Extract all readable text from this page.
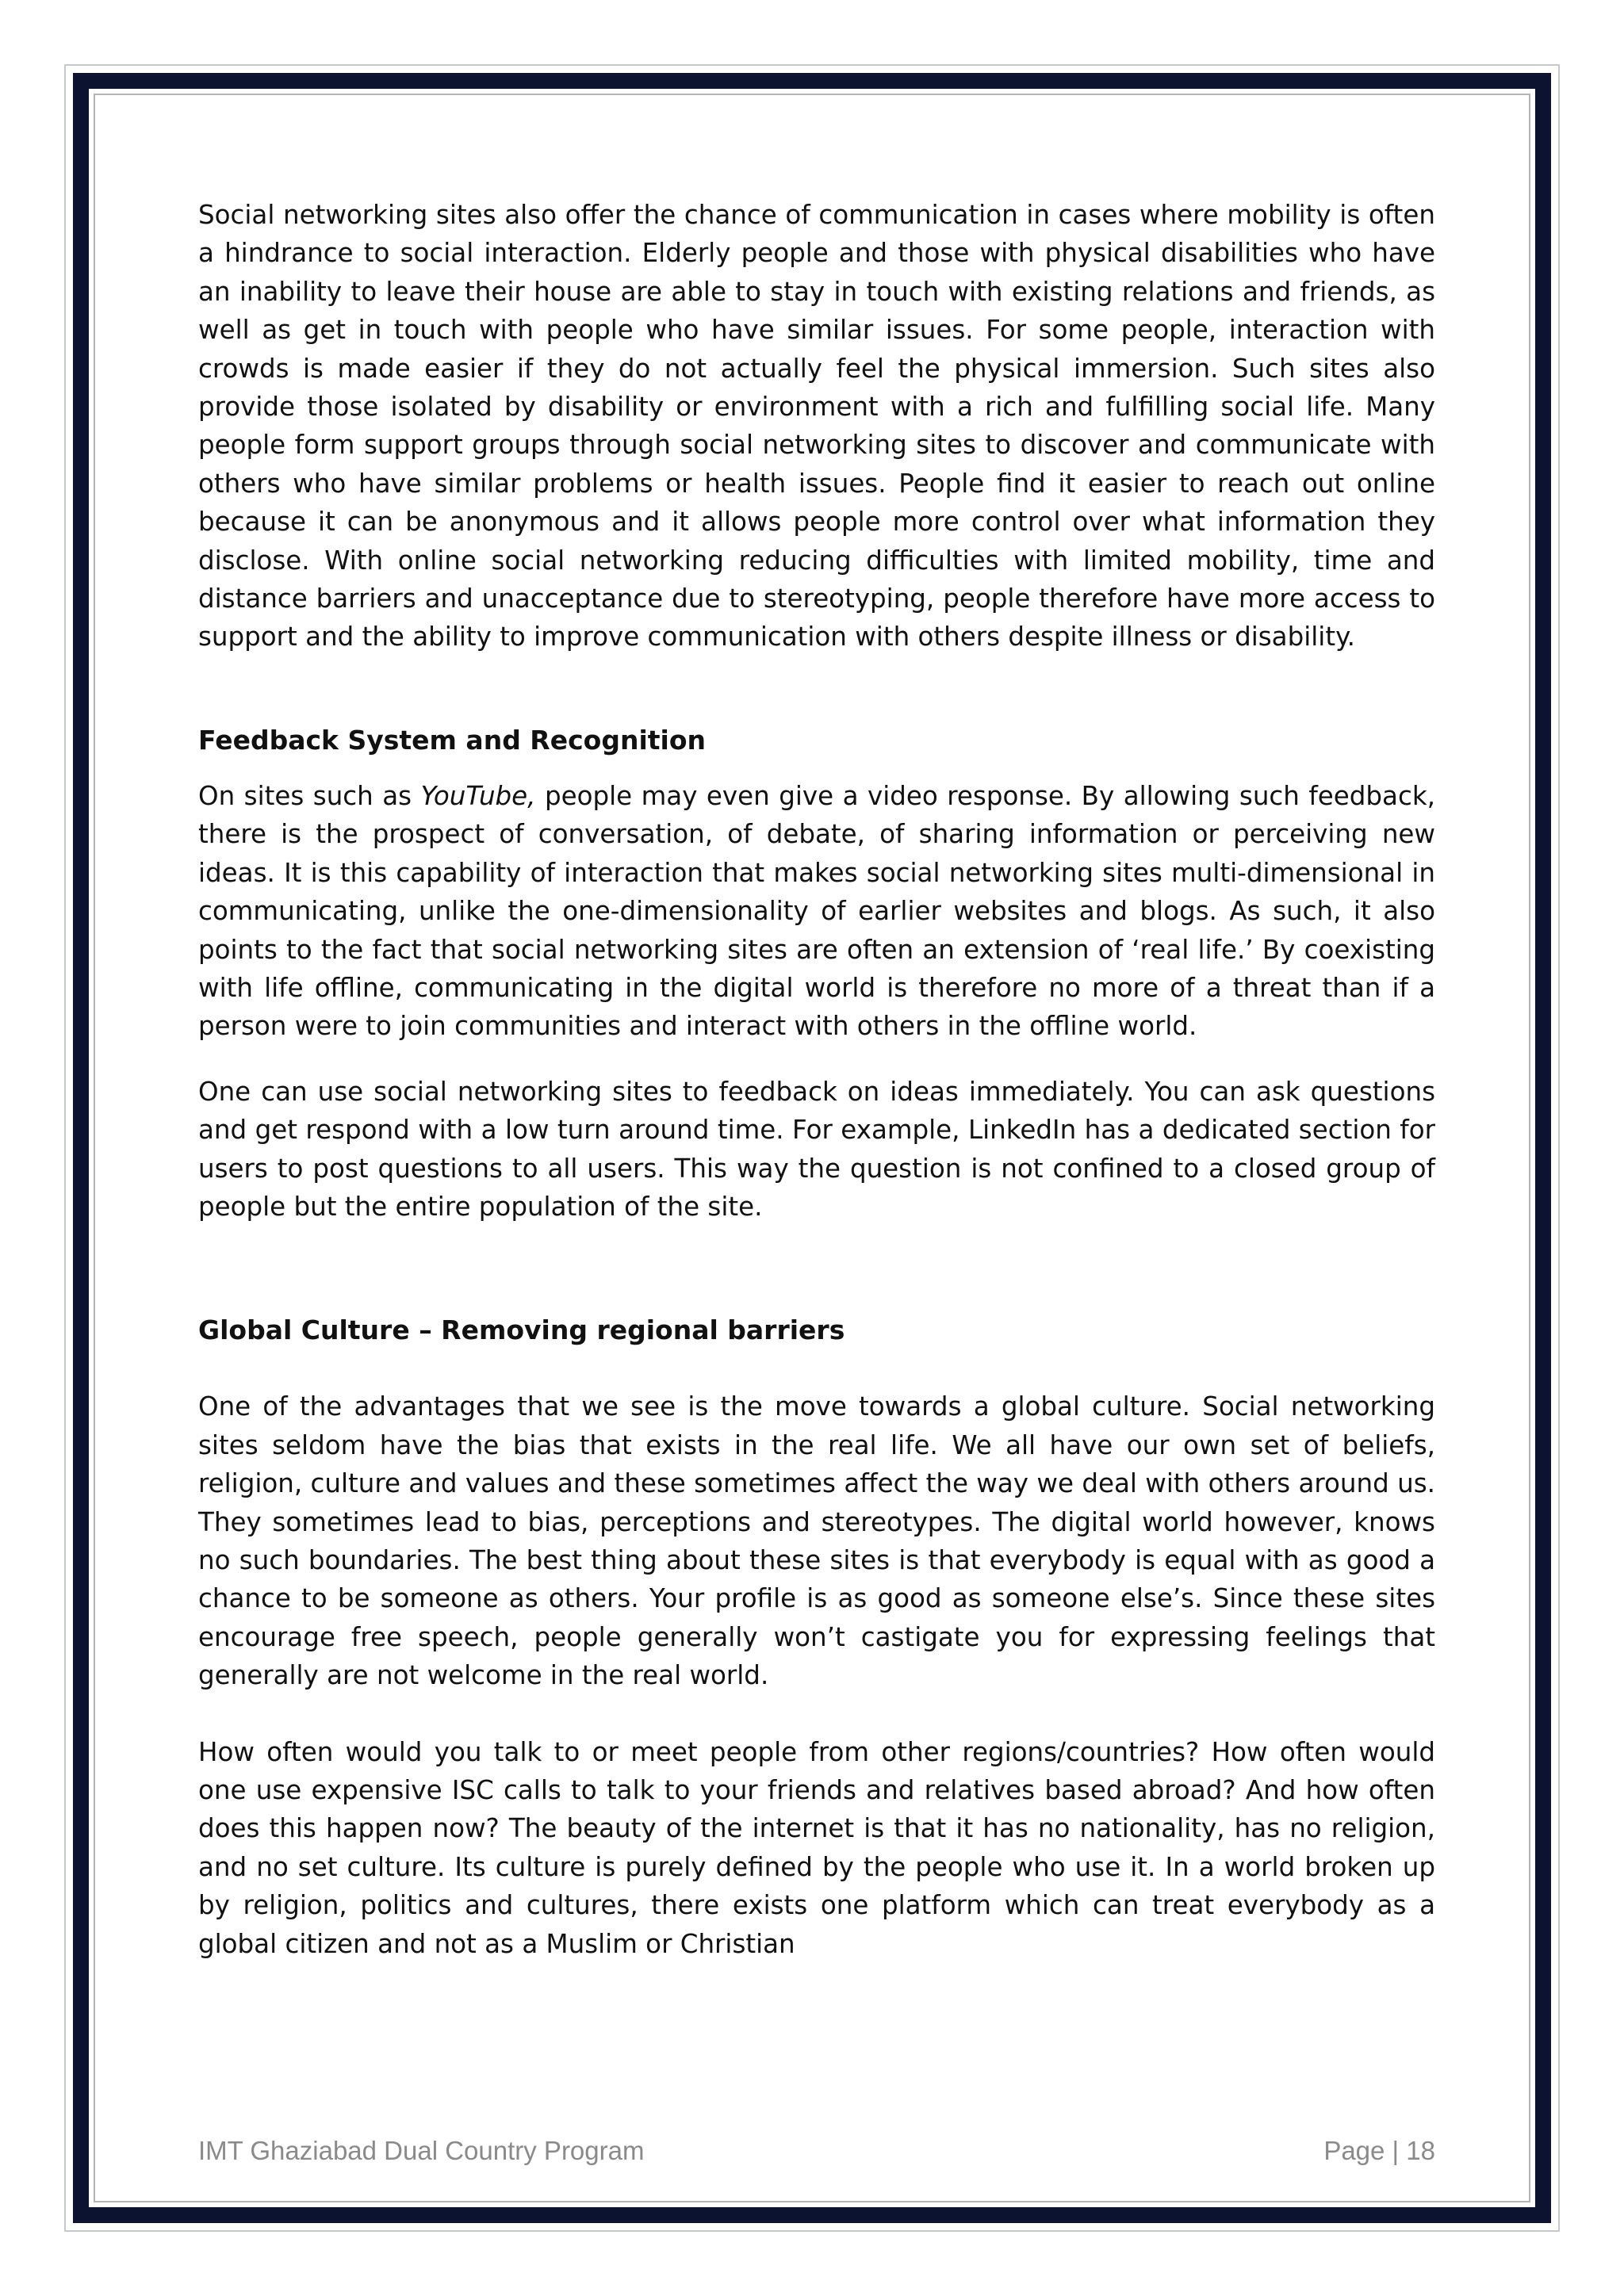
Social networking sites also offer the chance of communication in cases where mobility is often a hindrance to social interaction. Elderly people and those with physical disabilities who have an inability to leave their house are able to stay in touch with existing relations and friends, as well as get in touch with people who have similar issues. For some people, interaction with crowds is made easier if they do not actually feel the physical immersion. Such sites also provide those isolated by disability or environment with a rich and fulfilling social life. Many people form support groups through social networking sites to discover and communicate with others who have similar problems or health issues. People find it easier to reach out online because it can be anonymous and it allows people more control over what information they disclose. With online social networking reducing difficulties with limited mobility, time and distance barriers and unacceptance due to stereotyping, people therefore have more access to support and the ability to improve communication with others despite illness or disability.

Feedback System and Recognition

On sites such as YouTube, people may even give a video response. By allowing such feedback, there is the prospect of conversation, of debate, of sharing information or perceiving new ideas. It is this capability of interaction that makes social networking sites multi-dimensional in communicating, unlike the one-dimensionality of earlier websites and blogs. As such, it also points to the fact that social networking sites are often an extension of ‘real life.’ By coexisting with life offline, communicating in the digital world is therefore no more of a threat than if a person were to join communities and interact with others in the offline world.

One can use social networking sites to feedback on ideas immediately. You can ask questions and get respond with a low turn around time. For example, LinkedIn has a dedicated section for users to post questions to all users. This way the question is not confined to a closed group of people but the entire population of the site.

Global Culture – Removing regional barriers

One of the advantages that we see is the move towards a global culture. Social networking sites seldom have the bias that exists in the real life. We all have our own set of beliefs, religion, culture and values and these sometimes affect the way we deal with others around us. They sometimes lead to bias, perceptions and stereotypes. The digital world however, knows no such boundaries. The best thing about these sites is that everybody is equal with as good a chance to be someone as others. Your profile is as good as someone else’s. Since these sites encourage free speech, people generally won’t castigate you for expressing feelings that generally are not welcome in the real world.

How often would you talk to or meet people from other regions/countries? How often would one use expensive ISC calls to talk to your friends and relatives based abroad? And how often does this happen now? The beauty of the internet is that it has no nationality, has no religion, and no set culture. Its culture is purely defined by the people who use it. In a world broken up by religion, politics and cultures, there exists one platform which can treat everybody as a global citizen and not as a Muslim or Christian

IMT Ghaziabad Dual Country Program	Page | 18
